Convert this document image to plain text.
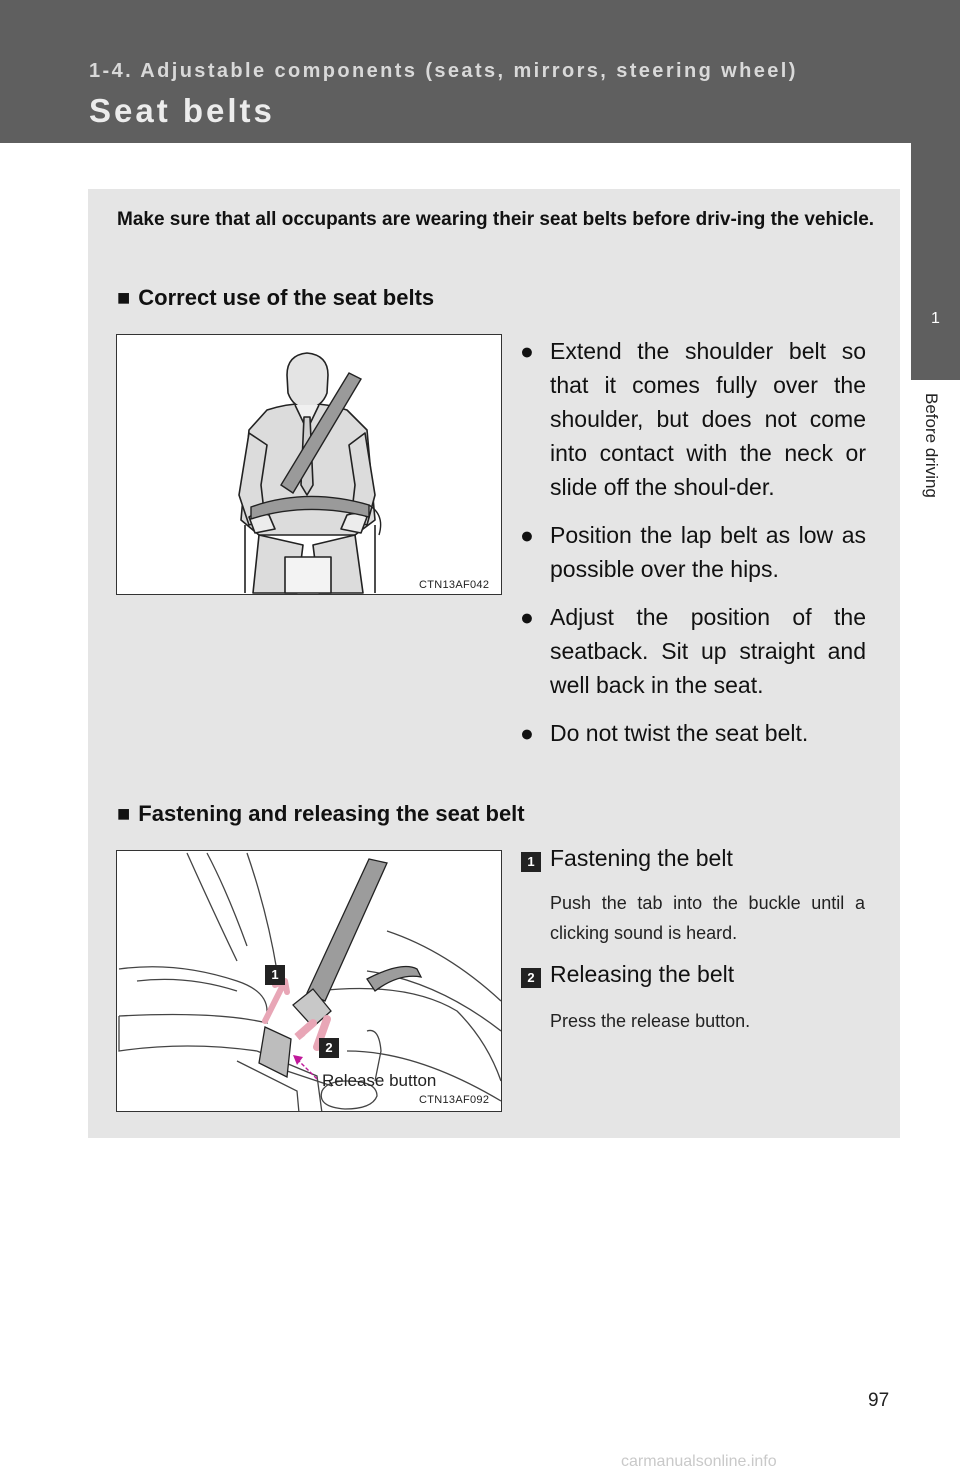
1-4. Adjustable components (seats, mirrors, steering wheel)
Seat belts
1
Before driving
Make sure that all occupants are wearing their seat belts before driv-ing the vehicle.
■ Correct use of the seat belts
CTN13AF042
● Extend the shoulder belt so that it comes fully over the shoulder, but does not come into contact with the neck or slide off the shoul-der.
● Position the lap belt as low as possible over the hips.
● Adjust the position of the seatback. Sit up straight and well back in the seat.
● Do not twist the seat belt.
■ Fastening and releasing the seat belt
1
2
Release button
CTN13AF092
1 Fastening the belt
Push the tab into the buckle until a clicking sound is heard.
2 Releasing the belt
Press the release button.
97
carmanualsonline.info
